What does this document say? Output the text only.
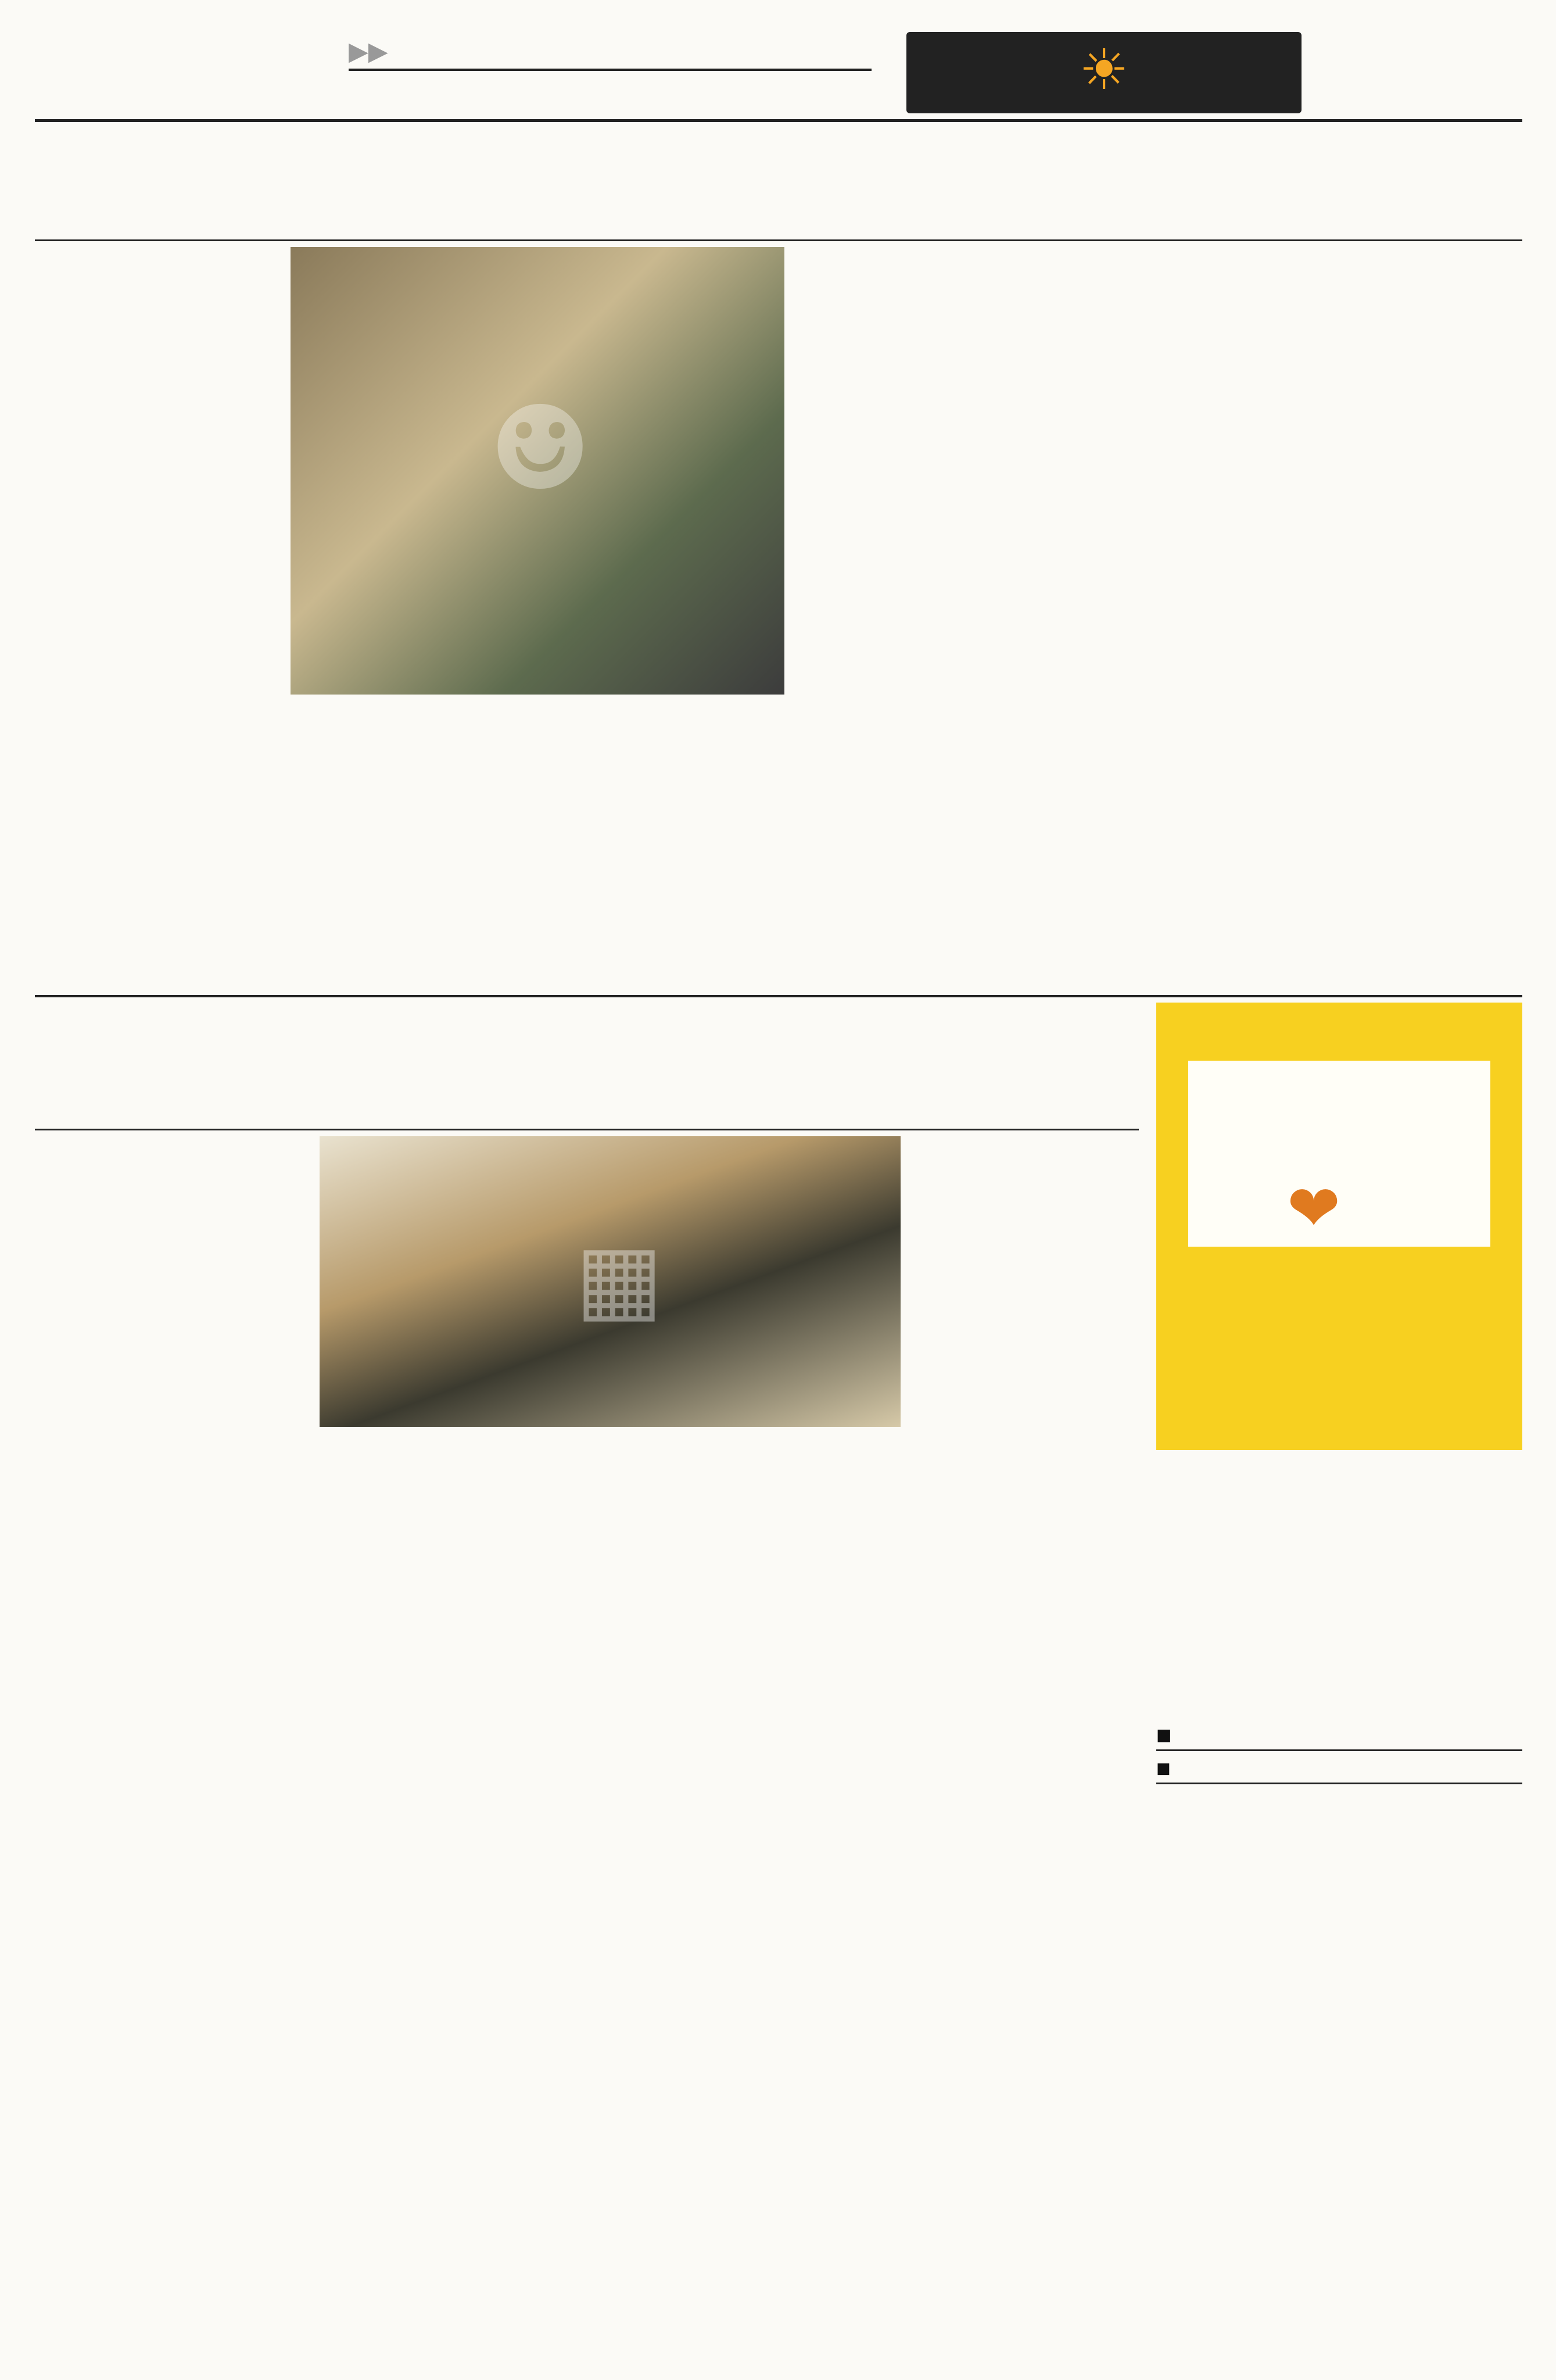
▶▶	☀

☻

▦

❤

■
■
